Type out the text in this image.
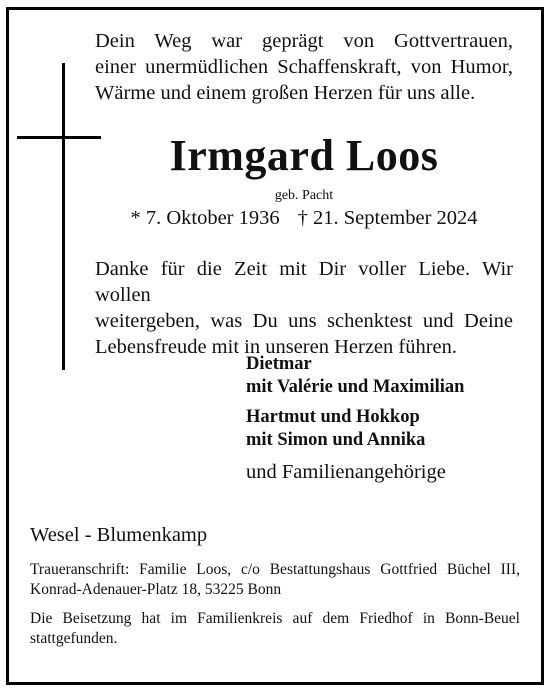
Dein Weg war geprägt von Gottvertrauen,
einer unermüdlichen Schaffenskraft, von Humor,
Wärme und einem großen Herzen für uns alle.
Irmgard Loos
geb. Pacht
* 7. Oktober 1936 † 21. September 2024
Danke für die Zeit mit Dir voller Liebe. Wir wollen
weitergeben, was Du uns schenktest und Deine
Lebensfreude mit in unseren Herzen führen.
Dietmar
mit Valérie und Maximilian
Hartmut und Hokkop
mit Simon und Annika
und Familienangehörige
Wesel - Blumenkamp
Traueranschrift: Familie Loos, c/o Bestattungshaus Gottfried Büchel III,
Konrad-Adenauer-Platz 18, 53225 Bonn
Die Beisetzung hat im Familienkreis auf dem Friedhof in Bonn-Beuel
stattgefunden.
